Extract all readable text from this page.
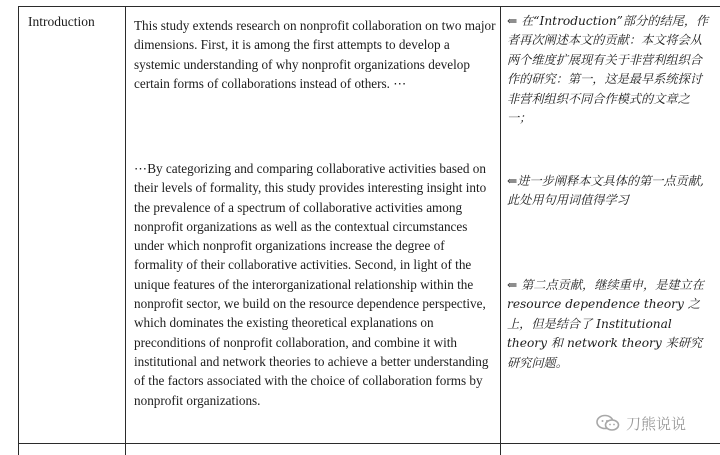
Introduction	This study extends research on nonprofit collaboration on two major dimensions. First, it is among the first attempts to develop a systemic understanding of why nonprofit organizations develop certain forms of collaborations instead of others. ⋯
⋯By categorizing and comparing collaborative activities based on their levels of formality, this study provides interesting insight into the prevalence of a spectrum of collaborative activities among nonprofit organizations as well as the contextual circumstances under which nonprofit organizations increase the degree of formality of their collaborative activities. Second, in light of the unique features of the interorganizational relationship within the nonprofit sector, we build on the resource dependence perspective, which dominates the existing theoretical explanations on preconditions of nonprofit collaboration, and combine it with institutional and network theories to achieve a better understanding of the factors associated with the choice of collaboration forms by nonprofit organizations.
⇐ 在“Introduction”部分的结尾，作者再次阐述本文的贡献：本文将会从两个维度扩展现有关于非营利组织合作的研究：第一，这是最早系统探讨非营利组织不同合作模式的文章之一；
⇐进一步阐释本文具体的第一点贡献, 此处用句用词值得学习
⇐ 第二点贡献，继续重申，是建立在 resource dependence theory 之上，但是结合了 Institutional theory 和 network theory 来研究研究问题。
刀熊说说
